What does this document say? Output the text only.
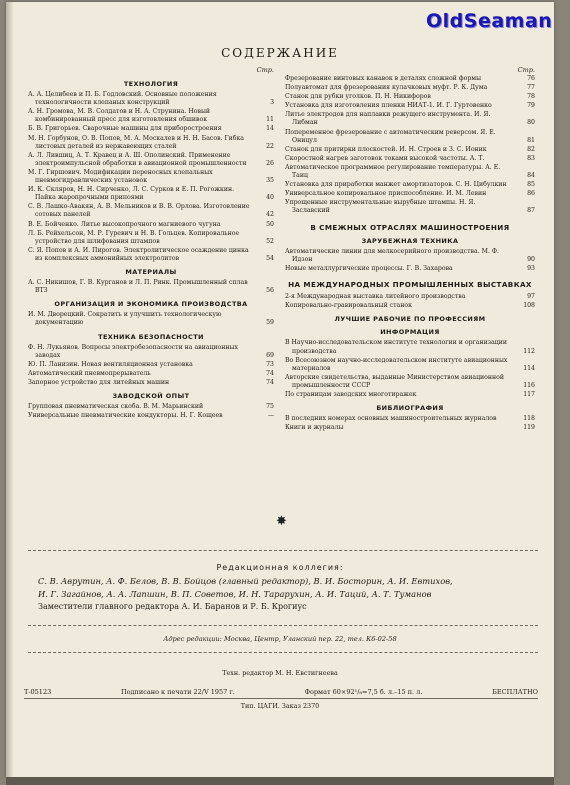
OldSeaman
СОДЕРЖАНИЕ
Стр.
ТЕХНОЛОГИЯ
А. А. Целибеев и П. Б. Годловский. Основные положения технологичности клепаных конструкций	3
А. Н. Громова, М. В. Солдатов и Н. А. Струнина. Новый комбинированный пресс для изготовления обшивок	11
Б. В. Григорьев. Сварочные машины для приборостроения	14
М. Н. Горбунов, О. В. Попов, М. А. Москалев и Н. Н. Басов. Гибка листовых деталей из нержавеющих сталей	22
А. Л. Лившиц, А. Т. Кравец и А. Ш. Ополинский. Применение электроимпульсной обработки в авиационной промышленности	26
М. Г. Гиршович. Модификации переносных клепальных пневмогидравлических установок	35
И. К. Скляров, Н. Н. Сирченко, Л. С. Сурков и Е. П. Рогожкин. Пайка жаропрочными припоями	40
С. В. Лашко-Авакян, А. В. Мельников и В. В. Орлова. Изготовление сотовых панелей	42
В. Е. Бойченко. Литье высокопрочного магниевого чугуна	50
Л. Б. Рейхельсон, М. Р. Гуревич и Н. В. Гольцев. Копировальное устройство для шлифования штампов	52
С. Я. Попов и А. И. Пирогов. Электролитическое осаждение цинка из комплексных аммонийных электролитов	54
МАТЕРИАЛЫ
А. С. Никишов, Г. В. Курганов и Л. П. Ринк. Промышленный сплав ВТ3	56
ОРГАНИЗАЦИЯ И ЭКОНОМИКА ПРОИЗВОДСТВА
И. М. Дворецкий. Сократить и улучшить технологическую документацию	59
ТЕХНИКА БЕЗОПАСНОСТИ
Ф. Н. Лукьянов. Вопросы электробезопасности на авиационных заводах	69
Ю. П. Ланизин. Новая вентиляционная установка	73
Автоматический пневмопрерыватель	74
Запорное устройство для литейных машин	74
ЗАВОДСКОЙ ОПЫТ
Групповая пневматическая скоба. В. М. Марьинский	75
Универсальные пневматические кондукторы. Н. Г. Кощеев	—
Стр.
Фрезерование винтовых канавок в деталях сложной формы	76
Полуавтомат для фрезерования кулачковых муфт. Р. К. Дума	77
Станок для рубки уголков. П. Н. Никифоров	78
Установка для изготовления пленки НИАТ-1. И. Г. Гуртовенко	79
Литье электродов для наплавки режущего инструмента. И. Я. Либман	80
Попеременное фрезерование с автоматическим реверсом. Я. Е. Оницул	81
Станок для притирки плоскостей. И. Н. Строев и З. С. Ионик	82
Скоростной нагрев заготовок токами высокой частоты. А. Т.	83
Автоматическое программное регулирование температуры. А. Е. Таиц	84
Установка для приработки манжет амортизаторов. С. Н. Цибулкин	85
Универсальное копировальное приспособление. И. М. Левин	86
Упрощенные инструментальные вырубные штампы. Н. Я. Заславский	87
В СМЕЖНЫХ ОТРАСЛЯХ МАШИНОСТРОЕНИЯ
ЗАРУБЕЖНАЯ ТЕХНИКА
Автоматические линии для мелкосерийного производства. М. Ф. Идзон	90
Новые металлургические процессы. Г. В. Захарова	93
НА МЕЖДУНАРОДНЫХ ПРОМЫШЛЕННЫХ ВЫСТАВКАХ
2-я Международная выставка литейного производства	97
Копировально-гравировальный станок	108
ЛУЧШИЕ РАБОЧИЕ ПО ПРОФЕССИЯМ
ИНФОРМАЦИЯ
В Научно-исследовательском институте технологии и организации производства	112
Во Всесоюзном научно-исследовательском институте авиационных материалов	114
Авторские свидетельства, выданные Министерством авиационной промышленности СССР	116
По страницам заводских многотиражек	117
БИБЛИОГРАФИЯ
В последних номерах основных машиностроительных журналов	118
Книги и журналы	119
✸
Редакционная коллегия:
С. В. Аврутин, А. Ф. Белов, В. В. Бойцов (главный редактор), В. И. Босторин, А. И. Евтихов,
И. Г. Загайнов, А. А. Лапшин, В. П. Советов, И. Н. Тарарухин, А. И. Таций, А. Т. Туманов
Заместители главного редактора А. И. Баранов и Р. Б. Крогиус
Адрес редакции: Москва, Центр, Уланский пер. 22, тел. К6-02-58
Техн. редактор М. Н. Евстигнеева
Т-05123	Подписано к печати 22/V 1957 г.	Формат 60×92¹/₈=7,5 б. л.–15 п. л.	БЕСПЛАТНО
Тип. ЦАГИ. Заказ 2370
